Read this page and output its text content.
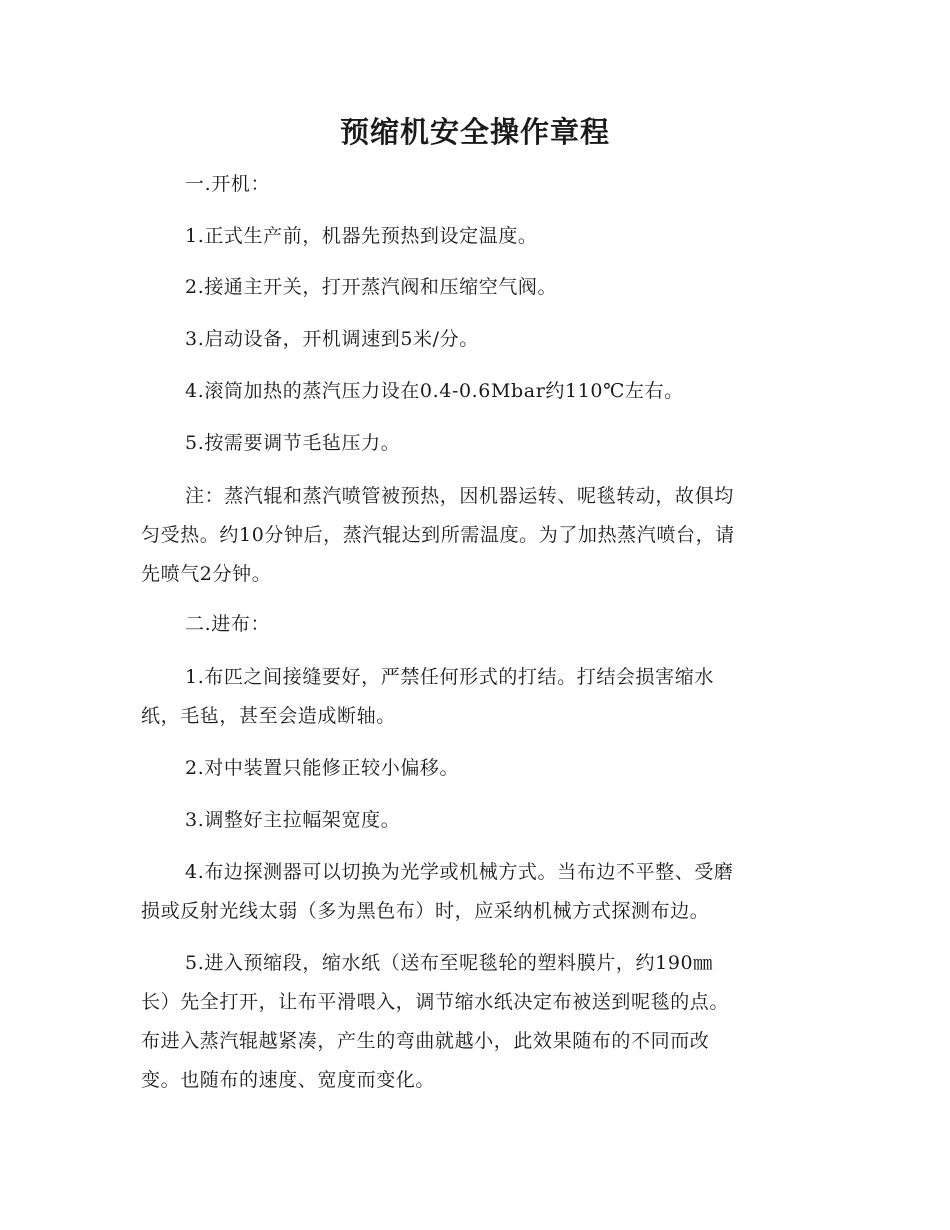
预缩机安全操作章程
一.开机：
1.正式生产前，机器先预热到设定温度。
2.接通主开关，打开蒸汽阀和压缩空气阀。
3.启动设备，开机调速到5米/分。
4.滚筒加热的蒸汽压力设在0.4-0.6Mbar约110℃左右。
5.按需要调节毛毡压力。
注：蒸汽辊和蒸汽喷管被预热，因机器运转、呢毯转动，故俱均
匀受热。约10分钟后，蒸汽辊达到所需温度。为了加热蒸汽喷台，请
先喷气2分钟。
二.进布：
1.布匹之间接缝要好，严禁任何形式的打结。打结会损害缩水
纸，毛毡，甚至会造成断轴。
2.对中装置只能修正较小偏移。
3.调整好主拉幅架宽度。
4.布边探测器可以切换为光学或机械方式。当布边不平整、受磨
损或反射光线太弱（多为黑色布）时，应采纳机械方式探测布边。
5.进入预缩段，缩水纸（送布至呢毯轮的塑料膜片，约190㎜
长）先全打开，让布平滑喂入，调节缩水纸决定布被送到呢毯的点。
布进入蒸汽辊越紧凑，产生的弯曲就越小，此效果随布的不同而改
变。也随布的速度、宽度而变化。
